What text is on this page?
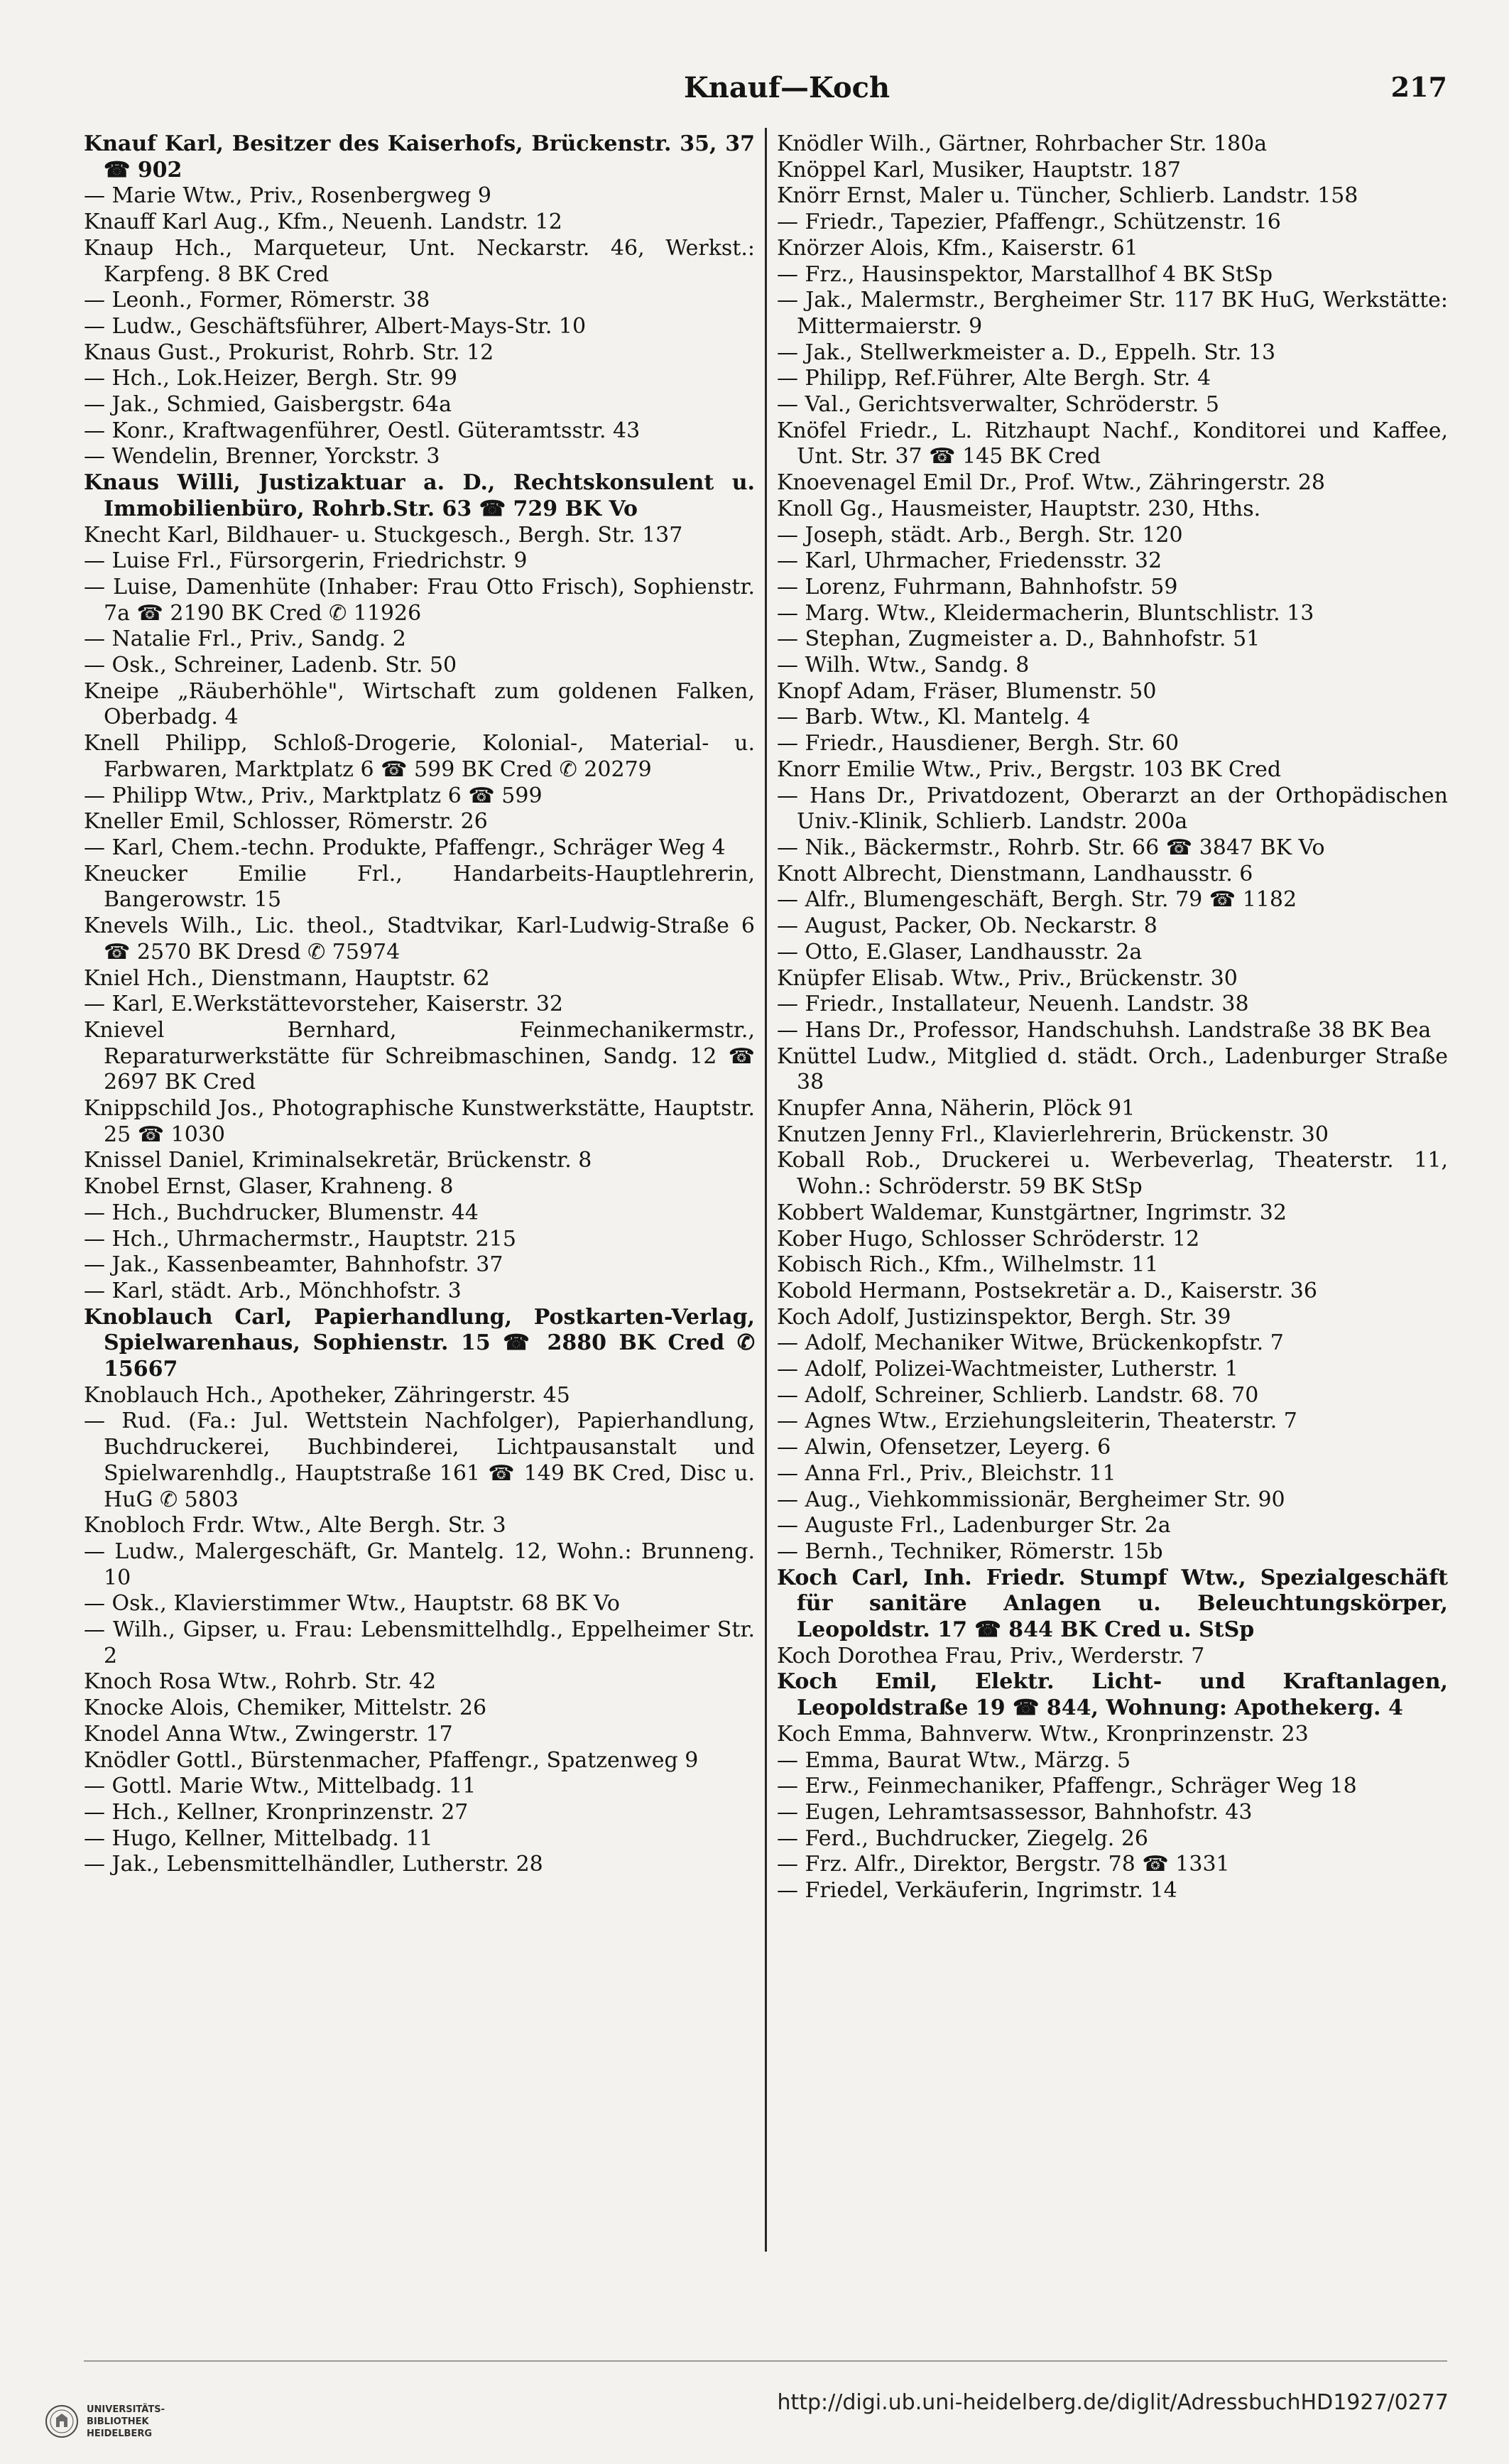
Knauf—Koch	217

Knauf Karl, Besitzer des Kaiserhofs, Brückenstr. 35, 37 ☎ 902

— Marie Wtw., Priv., Rosenbergweg 9

Knauff Karl Aug., Kfm., Neuenh. Landstr. 12

Knaup Hch., Marqueteur, Unt. Neckarstr. 46, Werkst.: Karpfeng. 8 BK Cred

— Leonh., Former, Römerstr. 38

— Ludw., Geschäftsführer, Albert-Mays-Str. 10

Knaus Gust., Prokurist, Rohrb. Str. 12

— Hch., Lok.Heizer, Bergh. Str. 99

— Jak., Schmied, Gaisbergstr. 64a

— Konr., Kraftwagenführer, Oestl. Güteramtsstr. 43

— Wendelin, Brenner, Yorckstr. 3

Knaus Willi, Justizaktuar a. D., Rechtskonsulent u. Immobilienbüro, Rohrb.Str. 63 ☎ 729 BK Vo

Knecht Karl, Bildhauer- u. Stuckgesch., Bergh. Str. 137

— Luise Frl., Fürsorgerin, Friedrichstr. 9

— Luise, Damenhüte (Inhaber: Frau Otto Frisch), Sophienstr. 7a ☎ 2190 BK Cred ✆ 11926

— Natalie Frl., Priv., Sandg. 2

— Osk., Schreiner, Ladenb. Str. 50

Kneipe „Räuberhöhle", Wirtschaft zum goldenen Falken, Oberbadg. 4

Knell Philipp, Schloß-Drogerie, Kolonial-, Material- u. Farbwaren, Marktplatz 6 ☎ 599 BK Cred ✆ 20279

— Philipp Wtw., Priv., Marktplatz 6 ☎ 599

Kneller Emil, Schlosser, Römerstr. 26

— Karl, Chem.-techn. Produkte, Pfaffengr., Schräger Weg 4

Kneucker Emilie Frl., Handarbeits-Hauptlehrerin, Bangerowstr. 15

Knevels Wilh., Lic. theol., Stadtvikar, Karl-Ludwig-Straße 6 ☎ 2570 BK Dresd ✆ 75974

Kniel Hch., Dienstmann, Hauptstr. 62

— Karl, E.Werkstättevorsteher, Kaiserstr. 32

Knievel Bernhard, Feinmechanikermstr., Reparaturwerkstätte für Schreibmaschinen, Sandg. 12 ☎ 2697 BK Cred

Knippschild Jos., Photographische Kunstwerkstätte, Hauptstr. 25 ☎ 1030

Knissel Daniel, Kriminalsekretär, Brückenstr. 8

Knobel Ernst, Glaser, Krahneng. 8

— Hch., Buchdrucker, Blumenstr. 44

— Hch., Uhrmachermstr., Hauptstr. 215

— Jak., Kassenbeamter, Bahnhofstr. 37

— Karl, städt. Arb., Mönchhofstr. 3

Knoblauch Carl, Papierhandlung, Postkarten-Verlag, Spielwarenhaus, Sophienstr. 15 ☎ 2880 BK Cred ✆ 15667

Knoblauch Hch., Apotheker, Zähringerstr. 45

— Rud. (Fa.: Jul. Wettstein Nachfolger), Papierhandlung, Buchdruckerei, Buchbinderei, Lichtpausanstalt und Spielwarenhdlg., Hauptstraße 161 ☎ 149 BK Cred, Disc u. HuG ✆ 5803

Knobloch Frdr. Wtw., Alte Bergh. Str. 3

— Ludw., Malergeschäft, Gr. Mantelg. 12, Wohn.: Brunneng. 10

— Osk., Klavierstimmer Wtw., Hauptstr. 68 BK Vo

— Wilh., Gipser, u. Frau: Lebensmittelhdlg., Eppelheimer Str. 2

Knoch Rosa Wtw., Rohrb. Str. 42

Knocke Alois, Chemiker, Mittelstr. 26

Knodel Anna Wtw., Zwingerstr. 17

Knödler Gottl., Bürstenmacher, Pfaffengr., Spatzenweg 9

— Gottl. Marie Wtw., Mittelbadg. 11

— Hch., Kellner, Kronprinzenstr. 27

— Hugo, Kellner, Mittelbadg. 11

— Jak., Lebensmittelhändler, Lutherstr. 28

Knödler Wilh., Gärtner, Rohrbacher Str. 180a

Knöppel Karl, Musiker, Hauptstr. 187

Knörr Ernst, Maler u. Tüncher, Schlierb. Landstr. 158

— Friedr., Tapezier, Pfaffengr., Schützenstr. 16

Knörzer Alois, Kfm., Kaiserstr. 61

— Frz., Hausinspektor, Marstallhof 4 BK StSp

— Jak., Malermstr., Bergheimer Str. 117 BK HuG, Werkstätte: Mittermaierstr. 9

— Jak., Stellwerkmeister a. D., Eppelh. Str. 13

— Philipp, Ref.Führer, Alte Bergh. Str. 4

— Val., Gerichtsverwalter, Schröderstr. 5

Knöfel Friedr., L. Ritzhaupt Nachf., Konditorei und Kaffee, Unt. Str. 37 ☎ 145 BK Cred

Knoevenagel Emil Dr., Prof. Wtw., Zähringerstr. 28

Knoll Gg., Hausmeister, Hauptstr. 230, Hths.

— Joseph, städt. Arb., Bergh. Str. 120

— Karl, Uhrmacher, Friedensstr. 32

— Lorenz, Fuhrmann, Bahnhofstr. 59

— Marg. Wtw., Kleidermacherin, Bluntschlistr. 13

— Stephan, Zugmeister a. D., Bahnhofstr. 51

— Wilh. Wtw., Sandg. 8

Knopf Adam, Fräser, Blumenstr. 50

— Barb. Wtw., Kl. Mantelg. 4

— Friedr., Hausdiener, Bergh. Str. 60

Knorr Emilie Wtw., Priv., Bergstr. 103 BK Cred

— Hans Dr., Privatdozent, Oberarzt an der Orthopädischen Univ.-Klinik, Schlierb. Landstr. 200a

— Nik., Bäckermstr., Rohrb. Str. 66 ☎ 3847 BK Vo

Knott Albrecht, Dienstmann, Landhausstr. 6

— Alfr., Blumengeschäft, Bergh. Str. 79 ☎ 1182

— August, Packer, Ob. Neckarstr. 8

— Otto, E.Glaser, Landhausstr. 2a

Knüpfer Elisab. Wtw., Priv., Brückenstr. 30

— Friedr., Installateur, Neuenh. Landstr. 38

— Hans Dr., Professor, Handschuhsh. Landstraße 38 BK Bea

Knüttel Ludw., Mitglied d. städt. Orch., Ladenburger Straße 38

Knupfer Anna, Näherin, Plöck 91

Knutzen Jenny Frl., Klavierlehrerin, Brückenstr. 30

Koball Rob., Druckerei u. Werbeverlag, Theaterstr. 11, Wohn.: Schröderstr. 59 BK StSp

Kobbert Waldemar, Kunstgärtner, Ingrimstr. 32

Kober Hugo, Schlosser Schröderstr. 12

Kobisch Rich., Kfm., Wilhelmstr. 11

Kobold Hermann, Postsekretär a. D., Kaiserstr. 36

Koch Adolf, Justizinspektor, Bergh. Str. 39

— Adolf, Mechaniker Witwe, Brückenkopfstr. 7

— Adolf, Polizei-Wachtmeister, Lutherstr. 1

— Adolf, Schreiner, Schlierb. Landstr. 68. 70

— Agnes Wtw., Erziehungsleiterin, Theaterstr. 7

— Alwin, Ofensetzer, Leyerg. 6

— Anna Frl., Priv., Bleichstr. 11

— Aug., Viehkommissionär, Bergheimer Str. 90

— Auguste Frl., Ladenburger Str. 2a

— Bernh., Techniker, Römerstr. 15b

Koch Carl, Inh. Friedr. Stumpf Wtw., Spezialgeschäft für sanitäre Anlagen u. Beleuchtungskörper, Leopoldstr. 17 ☎ 844 BK Cred u. StSp

Koch Dorothea Frau, Priv., Werderstr. 7

Koch Emil, Elektr. Licht- und Kraftanlagen, Leopoldstraße 19 ☎ 844, Wohnung: Apothekerg. 4

Koch Emma, Bahnverw. Wtw., Kronprinzenstr. 23

— Emma, Baurat Wtw., Märzg. 5

— Erw., Feinmechaniker, Pfaffengr., Schräger Weg 18

— Eugen, Lehramtsassessor, Bahnhofstr. 43

— Ferd., Buchdrucker, Ziegelg. 26

— Frz. Alfr., Direktor, Bergstr. 78 ☎ 1331

— Friedel, Verkäuferin, Ingrimstr. 14

UNIVERSITÄTS-
BIBLIOTHEK
HEIDELBERG
http://digi.ub.uni-heidelberg.de/diglit/AdressbuchHD1927/0277
